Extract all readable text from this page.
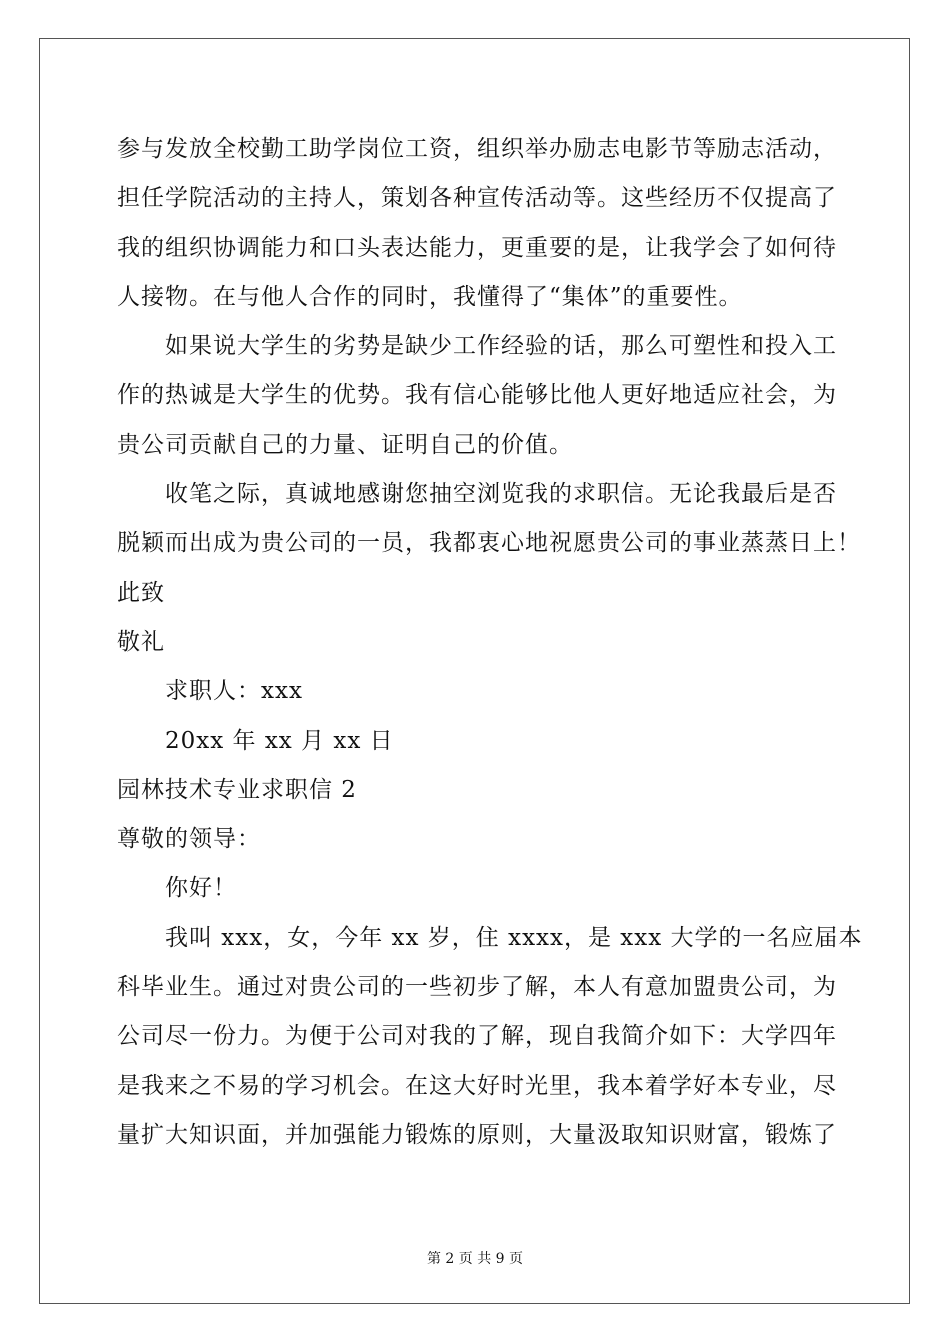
参与发放全校勤工助学岗位工资，组织举办励志电影节等励志活动，
担任学院活动的主持人，策划各种宣传活动等。这些经历不仅提高了
我的组织协调能力和口头表达能力，更重要的是，让我学会了如何待
人接物。在与他人合作的同时，我懂得了“集体”的重要性。
如果说大学生的劣势是缺少工作经验的话，那么可塑性和投入工
作的热诚是大学生的优势。我有信心能够比他人更好地适应社会，为
贵公司贡献自己的力量、证明自己的价值。
收笔之际，真诚地感谢您抽空浏览我的求职信。无论我最后是否
脱颖而出成为贵公司的一员，我都衷心地祝愿贵公司的事业蒸蒸日上！
此致
敬礼
求职人：xxx
20xx 年 xx 月 xx 日
园林技术专业求职信 2
尊敬的领导：
你好！
我叫 xxx，女，今年 xx 岁，住 xxxx，是 xxx 大学的一名应届本
科毕业生。通过对贵公司的一些初步了解，本人有意加盟贵公司，为
公司尽一份力。为便于公司对我的了解，现自我简介如下：大学四年
是我来之不易的学习机会。在这大好时光里，我本着学好本专业，尽
量扩大知识面，并加强能力锻炼的原则，大量汲取知识财富，锻炼了
第 2 页 共 9 页
